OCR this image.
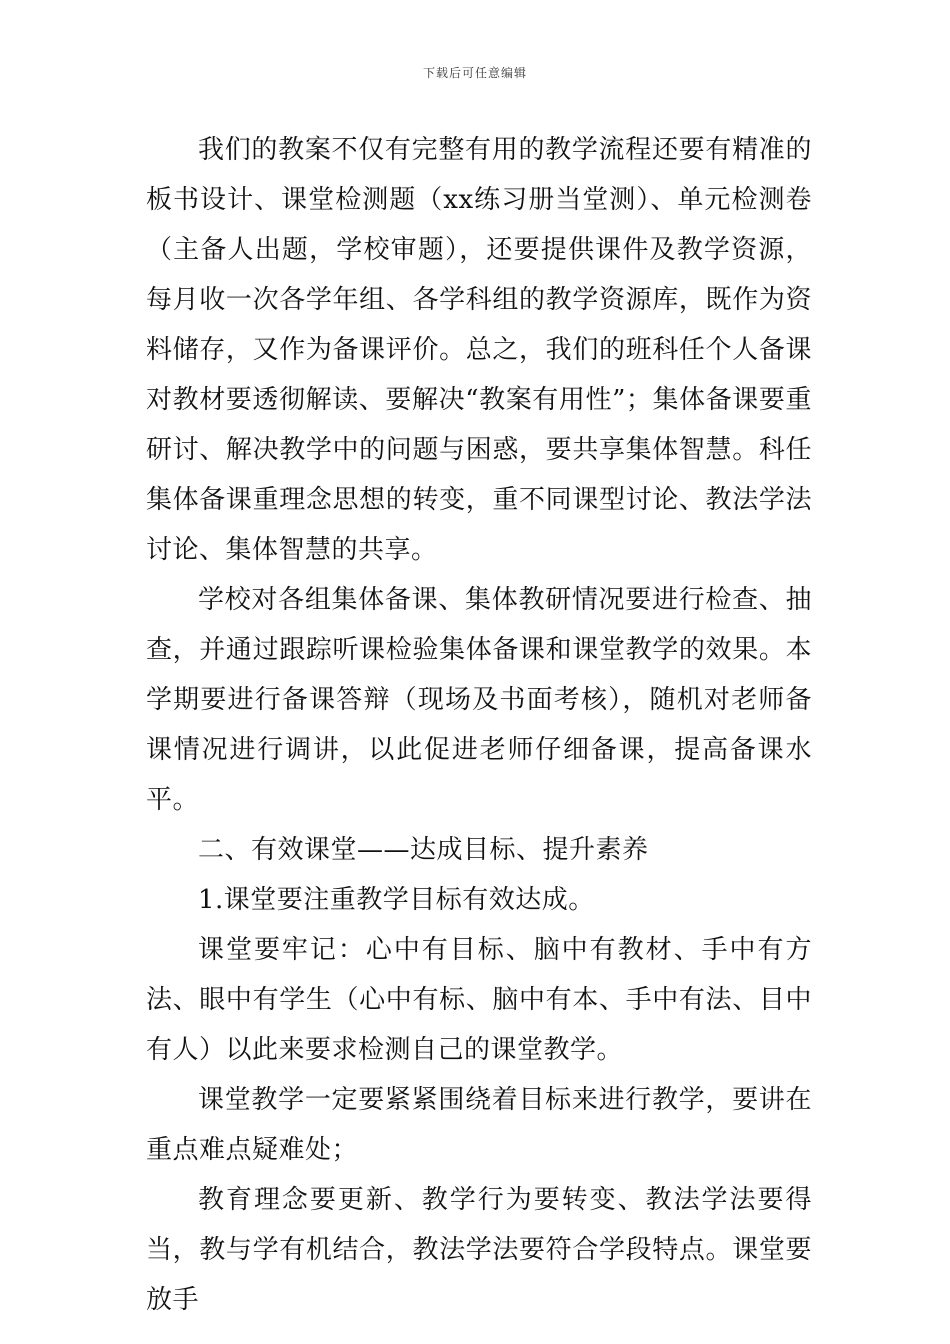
下载后可任意编辑

我们的教案不仅有完整有用的教学流程还要有精准的板书设计、课堂检测题（xx练习册当堂测）、单元检测卷（主备人出题，学校审题），还要提供课件及教学资源，每月收一次各学年组、各学科组的教学资源库，既作为资料储存，又作为备课评价。总之，我们的班科任个人备课对教材要透彻解读、要解决“教案有用性”；集体备课要重研讨、解决教学中的问题与困惑，要共享集体智慧。科任集体备课重理念思想的转变，重不同课型讨论、教法学法讨论、集体智慧的共享。

学校对各组集体备课、集体教研情况要进行检查、抽查，并通过跟踪听课检验集体备课和课堂教学的效果。本学期要进行备课答辩（现场及书面考核），随机对老师备课情况进行调讲，以此促进老师仔细备课，提高备课水平。

二、有效课堂——达成目标、提升素养

1.课堂要注重教学目标有效达成。

课堂要牢记：心中有目标、脑中有教材、手中有方法、眼中有学生（心中有标、脑中有本、手中有法、目中有人）以此来要求检测自己的课堂教学。

课堂教学一定要紧紧围绕着目标来进行教学，要讲在重点难点疑难处；

教育理念要更新、教学行为要转变、教法学法要得当，教与学有机结合，教法学法要符合学段特点。课堂要放手
